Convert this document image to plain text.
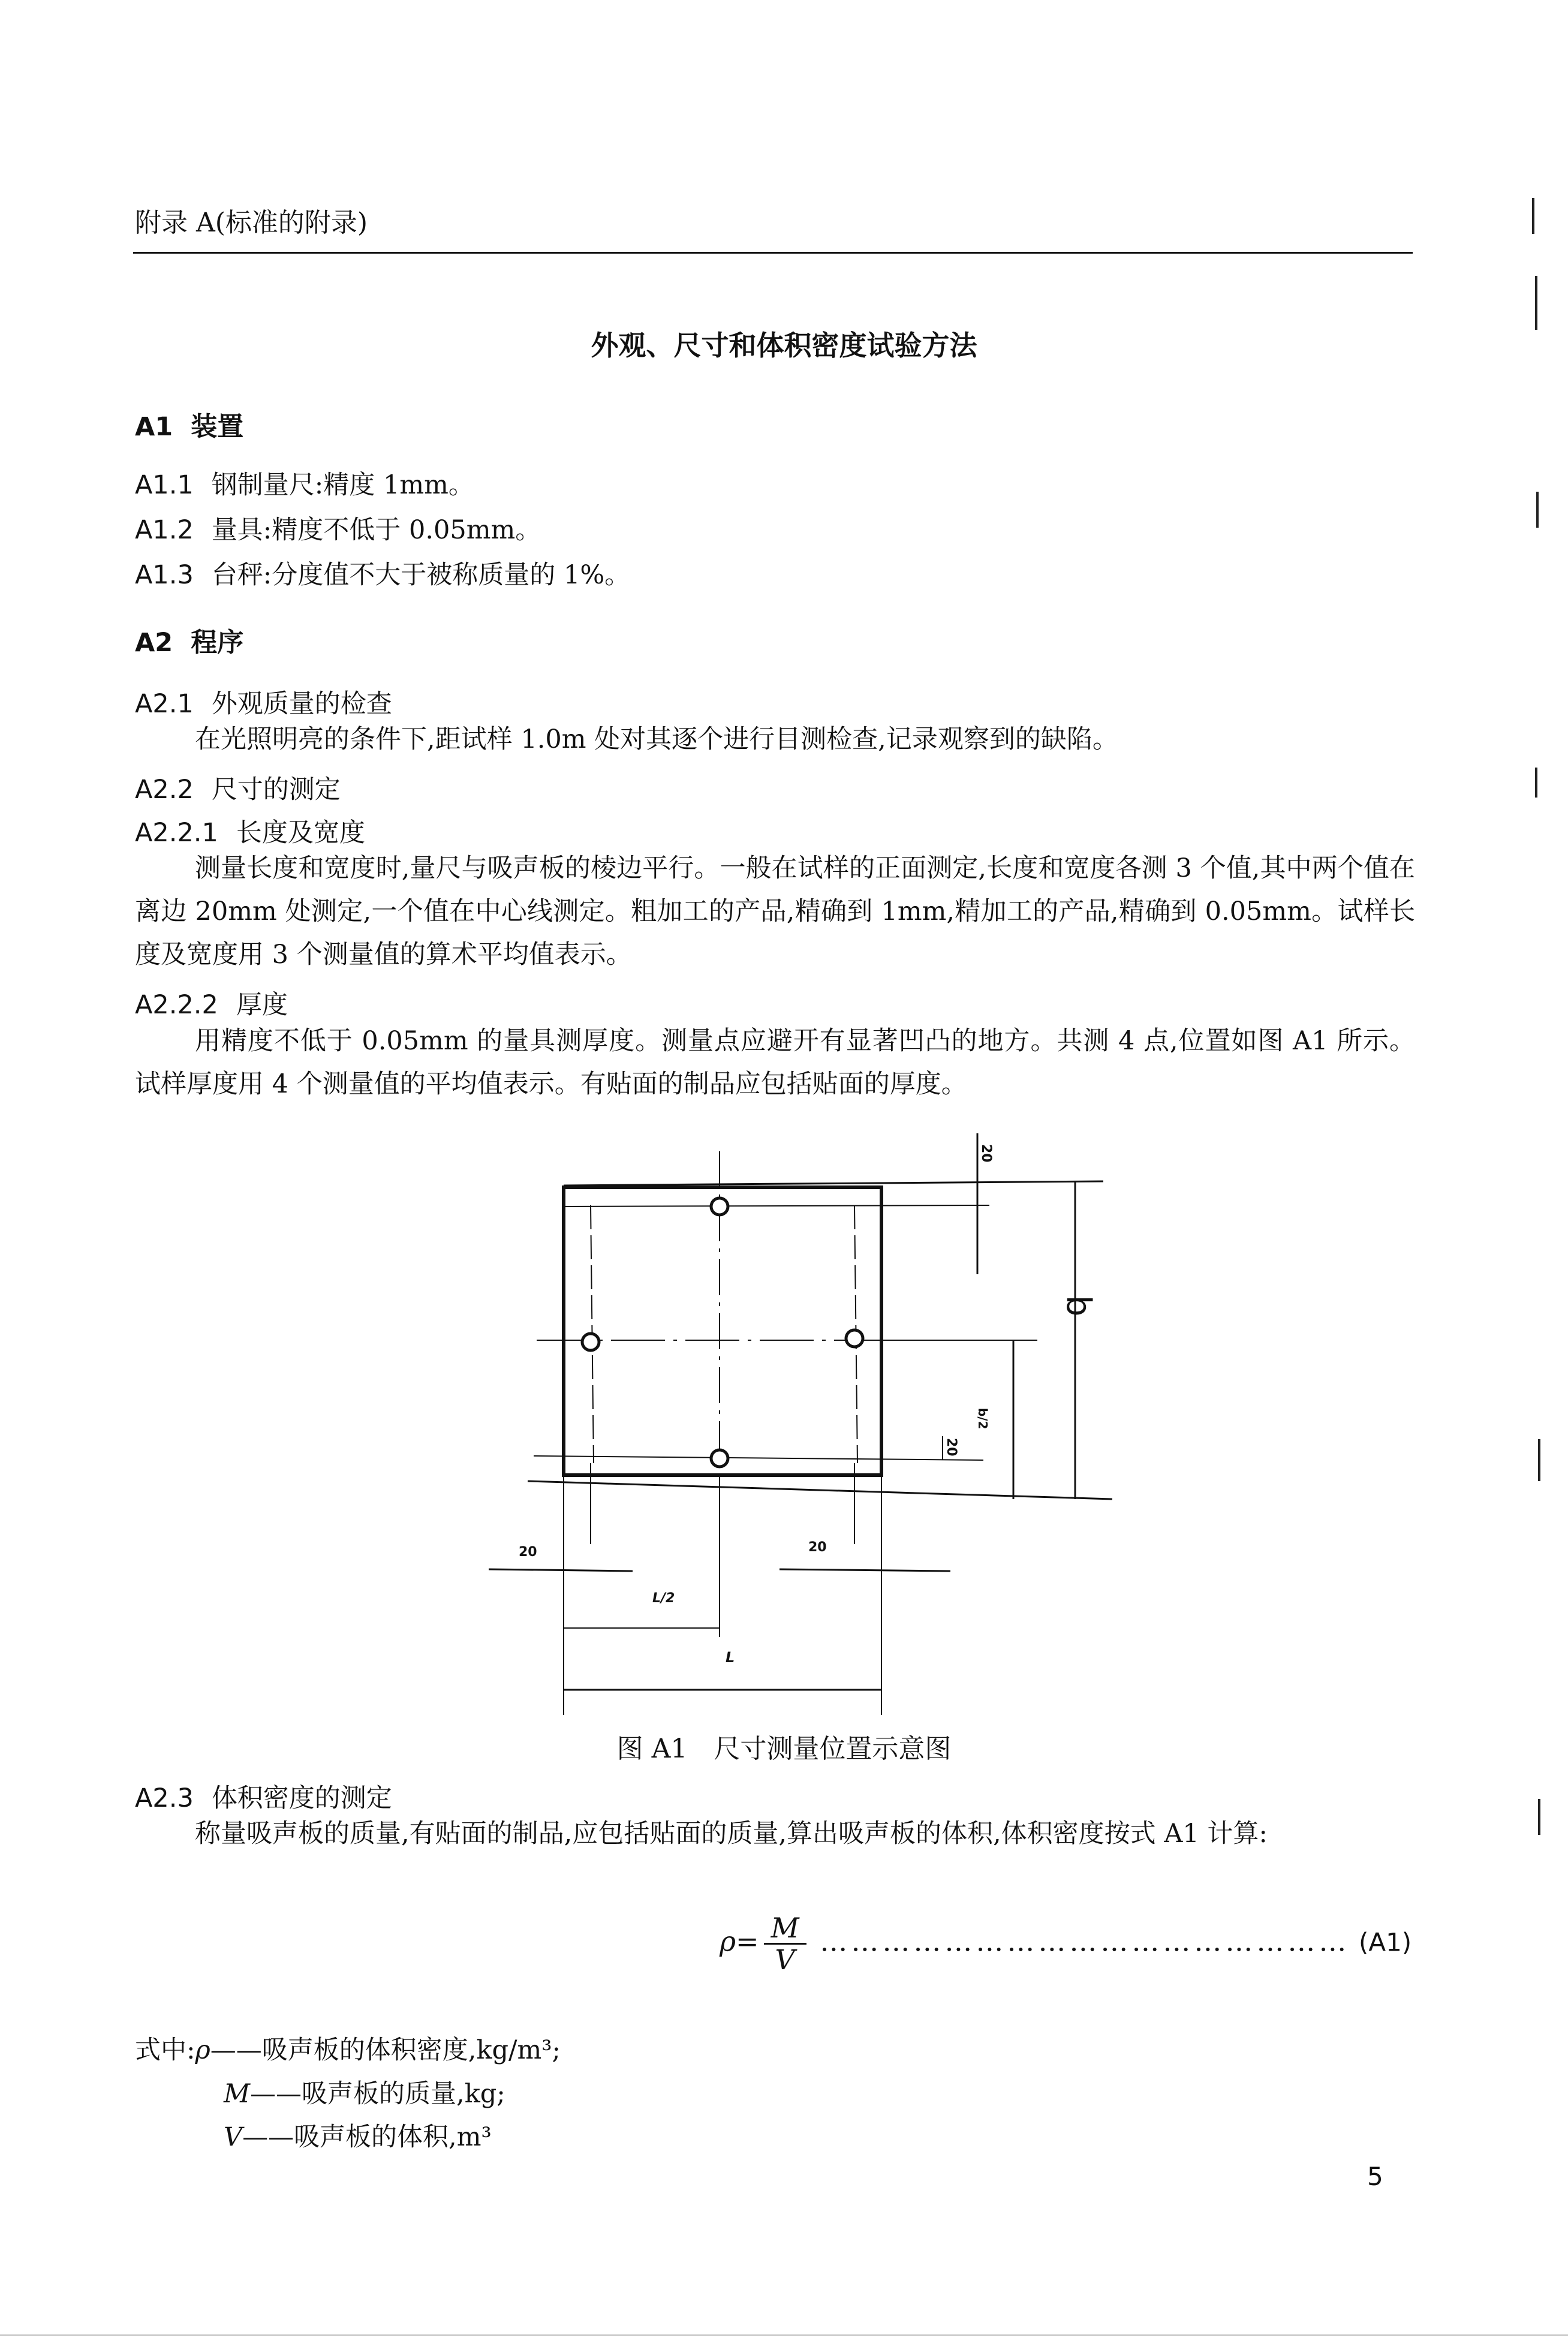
附录 A(标准的附录)
外观、尺寸和体积密度试验方法
A1 装置
A1.1 钢制量尺:精度 1mm。
A1.2 量具:精度不低于 0.05mm。
A1.3 台秤:分度值不大于被称质量的 1%。
A2 程序
A2.1 外观质量的检查
在光照明亮的条件下,距试样 1.0m 处对其逐个进行目测检查,记录观察到的缺陷。
A2.2 尺寸的测定
A2.2.1 长度及宽度
测量长度和宽度时,量尺与吸声板的棱边平行。一般在试样的正面测定,长度和宽度各测 3 个值,其中两个值在离边 20mm 处测定,一个值在中心线测定。粗加工的产品,精确到 1mm,精加工的产品,精确到 0.05mm。试样长度及宽度用 3 个测量值的算术平均值表示。
A2.2.2 厚度
用精度不低于 0.05mm 的量具测厚度。测量点应避开有显著凹凸的地方。共测 4 点,位置如图 A1 所示。试样厚度用 4 个测量值的平均值表示。有贴面的制品应包括贴面的厚度。
20
b
b/2
20
20	20
L/2
L
图 A1　尺寸测量位置示意图
A2.3 体积密度的测定
称量吸声板的质量,有贴面的制品,应包括贴面的质量,算出吸声板的体积,体积密度按式 A1 计算:
$\rho= \frac{M}{V}$ …………………………………………… (A1)
式中:ρ——吸声板的体积密度,kg/m³;
M——吸声板的质量,kg;
V——吸声板的体积,m³
5
